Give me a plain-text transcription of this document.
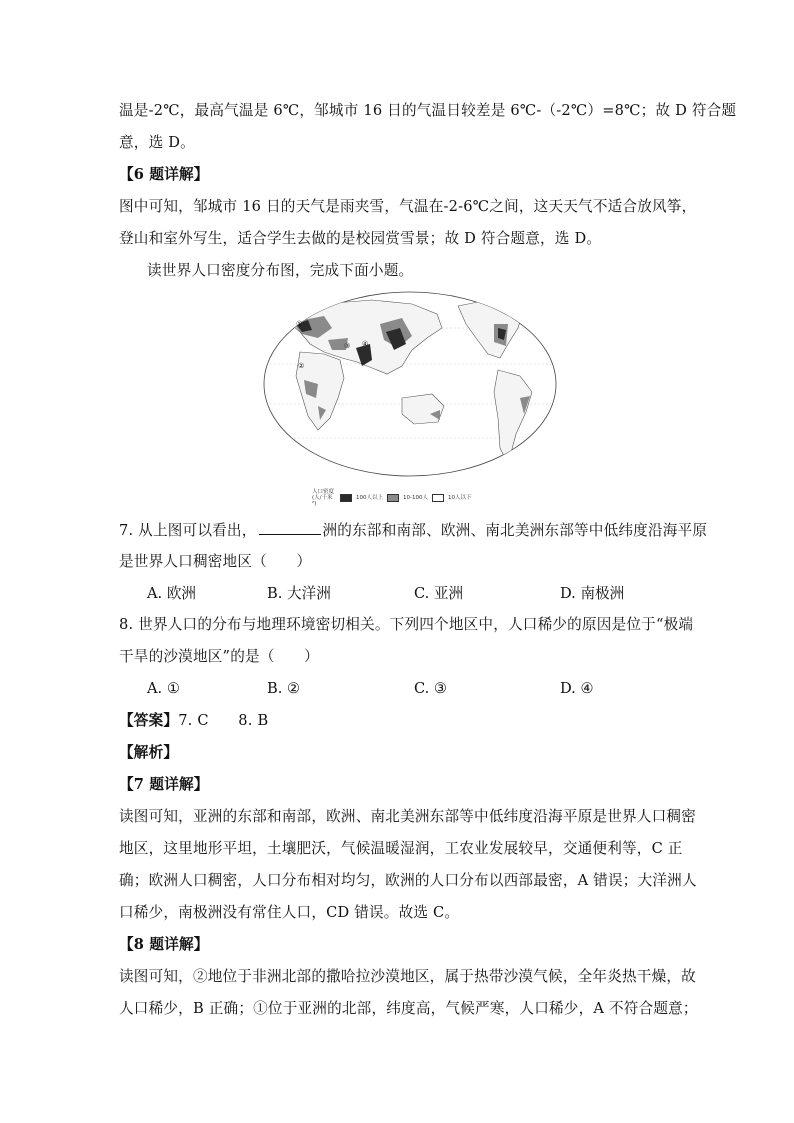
温是-2℃，最高气温是 6℃，邹城市 16 日的气温日较差是 6℃-（-2℃）=8℃；故 D 符合题
意，选 D。
【6 题详解】
图中可知，邹城市 16 日的天气是雨夹雪，气温在-2-6℃之间，这天天气不适合放风筝，
登山和室外写生，适合学生去做的是校园赏雪景；故 D 符合题意，选 D。
读世界人口密度分布图，完成下面小题。
①
②
③ ④
人口密度
(人/千米²)
100人以上	10-100人	10人以下
7. 从上图可以看出，	洲的东部和南部、欧洲、南北美洲东部等中低纬度沿海平原
是世界人口稠密地区（　　）
A. 欧洲	B. 大洋洲	C. 亚洲	D. 南极洲
8. 世界人口的分布与地理环境密切相关。下列四个地区中，人口稀少的原因是位于“极端
干旱的沙漠地区”的是（　　）
A. ①	B. ②	C. ③	D. ④
【答案】7. C　　8. B
【解析】
【7 题详解】
读图可知，亚洲的东部和南部，欧洲、南北美洲东部等中低纬度沿海平原是世界人口稠密
地区，这里地形平坦，土壤肥沃，气候温暖湿润，工农业发展较早，交通便利等，C 正
确；欧洲人口稠密，人口分布相对均匀，欧洲的人口分布以西部最密，A 错误；大洋洲人
口稀少，南极洲没有常住人口，CD 错误。故选 C。
【8 题详解】
读图可知，②地位于非洲北部的撒哈拉沙漠地区，属于热带沙漠气候，全年炎热干燥，故
人口稀少，B 正确；①位于亚洲的北部，纬度高，气候严寒，人口稀少，A 不符合题意；
